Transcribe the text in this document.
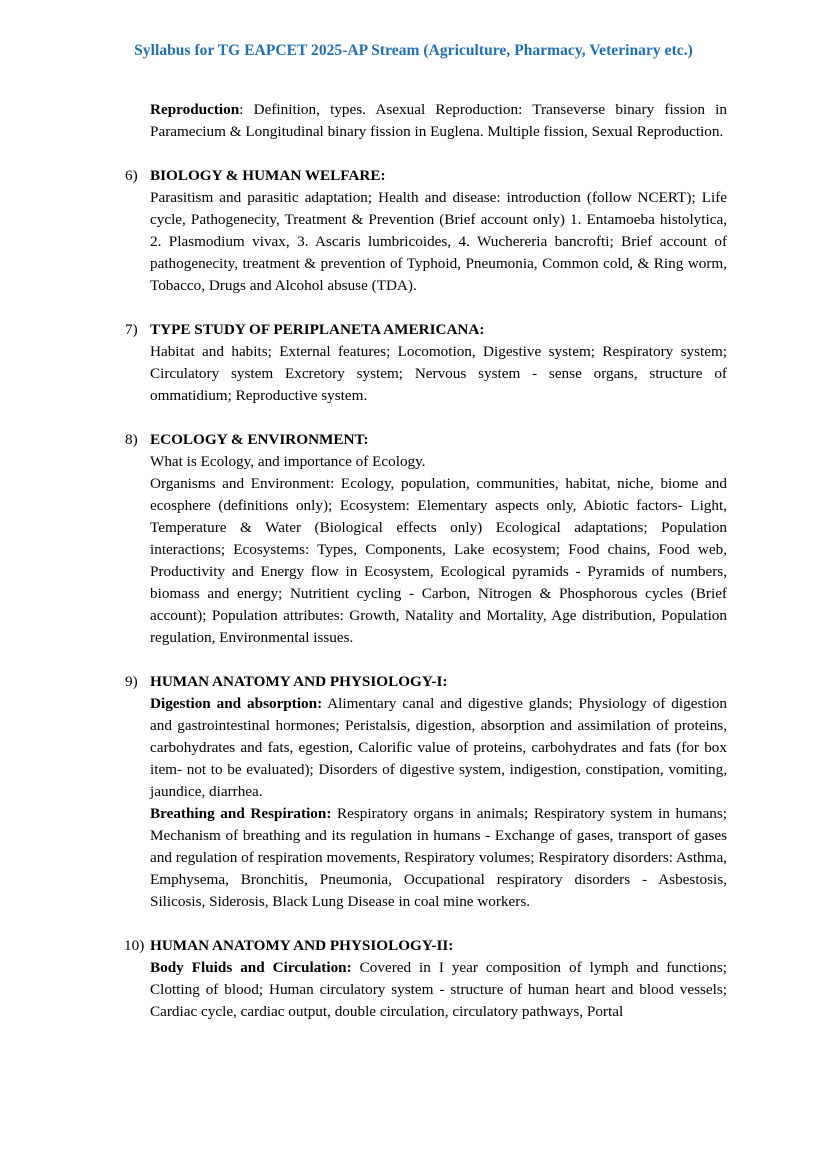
Syllabus for TG EAPCET 2025-AP Stream (Agriculture, Pharmacy, Veterinary etc.)

Reproduction: Definition, types. Asexual Reproduction: Transeverse binary fission in Paramecium & Longitudinal binary fission in Euglena. Multiple fission, Sexual Reproduction.

6) BIOLOGY & HUMAN WELFARE:

Parasitism and parasitic adaptation; Health and disease: introduction (follow NCERT); Life cycle, Pathogenecity, Treatment & Prevention (Brief account only) 1. Entamoeba histolytica, 2. Plasmodium vivax, 3. Ascaris lumbricoides, 4. Wuchereria bancrofti; Brief account of pathogenecity, treatment & prevention of Typhoid, Pneumonia, Common cold, & Ring worm, Tobacco, Drugs and Alcohol absuse (TDA).

7) TYPE STUDY OF PERIPLANETA AMERICANA:

Habitat and habits; External features; Locomotion, Digestive system; Respiratory system; Circulatory system Excretory system; Nervous system - sense organs, structure of ommatidium; Reproductive system.

8) ECOLOGY & ENVIRONMENT:

What is Ecology, and importance of Ecology.

Organisms and Environment: Ecology, population, communities, habitat, niche, biome and ecosphere (definitions only); Ecosystem: Elementary aspects only, Abiotic factors- Light, Temperature & Water (Biological effects only) Ecological adaptations; Population interactions; Ecosystems: Types, Components, Lake ecosystem; Food chains, Food web, Productivity and Energy flow in Ecosystem, Ecological pyramids - Pyramids of numbers, biomass and energy; Nutritient cycling - Carbon, Nitrogen & Phosphorous cycles (Brief account); Population attributes: Growth, Natality and Mortality, Age distribution, Population regulation, Environmental issues.

9) HUMAN ANATOMY AND PHYSIOLOGY-I:

Digestion and absorption: Alimentary canal and digestive glands; Physiology of digestion and gastrointestinal hormones; Peristalsis, digestion, absorption and assimilation of proteins, carbohydrates and fats, egestion, Calorific value of proteins, carbohydrates and fats (for box item- not to be evaluated); Disorders of digestive system, indigestion, constipation, vomiting, jaundice, diarrhea.

Breathing and Respiration: Respiratory organs in animals; Respiratory system in humans; Mechanism of breathing and its regulation in humans - Exchange of gases, transport of gases and regulation of respiration movements, Respiratory volumes; Respiratory disorders: Asthma, Emphysema, Bronchitis, Pneumonia, Occupational respiratory disorders - Asbestosis, Silicosis, Siderosis, Black Lung Disease in coal mine workers.

10) HUMAN ANATOMY AND PHYSIOLOGY-II:

Body Fluids and Circulation: Covered in I year composition of lymph and functions; Clotting of blood; Human circulatory system - structure of human heart and blood vessels; Cardiac cycle, cardiac output, double circulation, circulatory pathways, Portal
